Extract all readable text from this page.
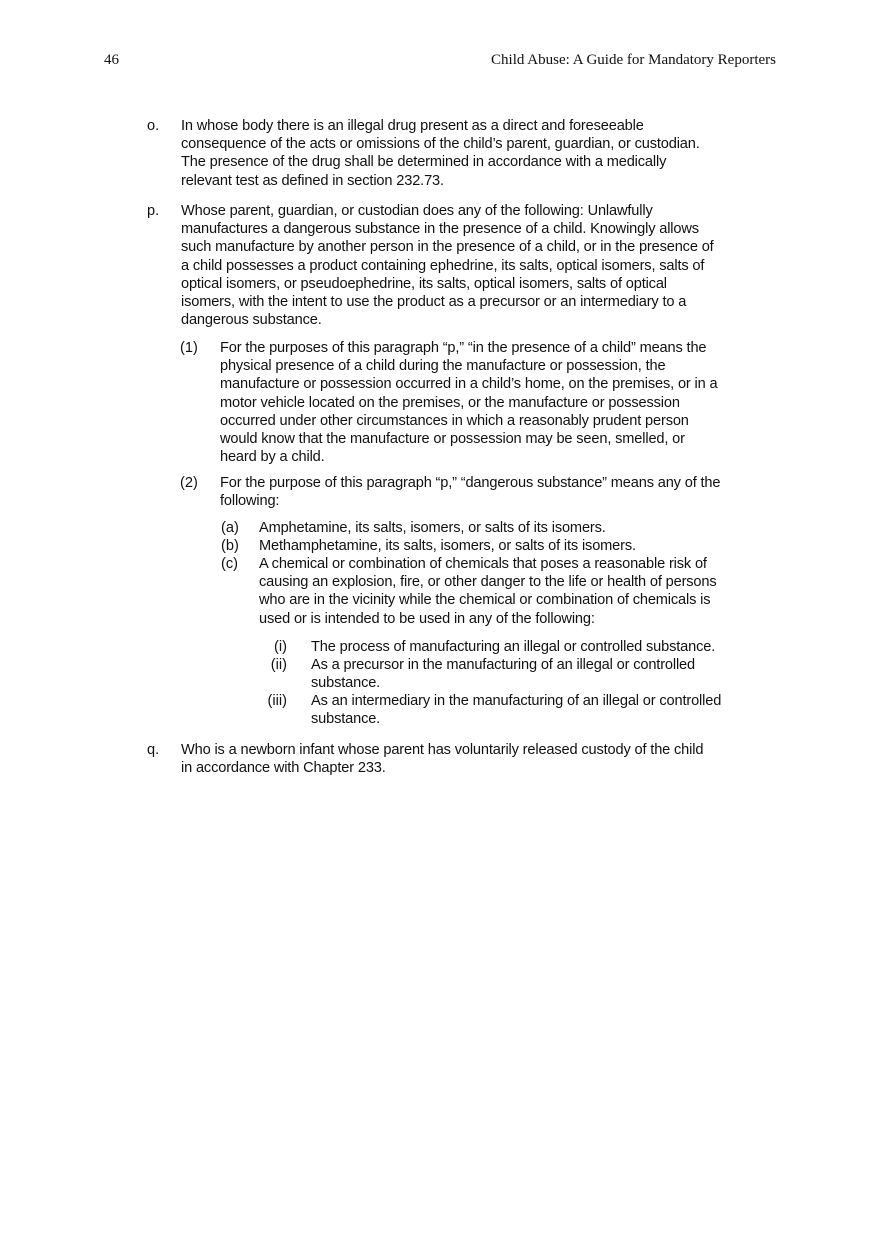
46	Child Abuse: A Guide for Mandatory Reporters
o. In whose body there is an illegal drug present as a direct and foreseeable
consequence of the acts or omissions of the child’s parent, guardian, or custodian.
The presence of the drug shall be determined in accordance with a medically
relevant test as defined in section 232.73.
p. Whose parent, guardian, or custodian does any of the following: Unlawfully
manufactures a dangerous substance in the presence of a child. Knowingly allows
such manufacture by another person in the presence of a child, or in the presence of
a child possesses a product containing ephedrine, its salts, optical isomers, salts of
optical isomers, or pseudoephedrine, its salts, optical isomers, salts of optical
isomers, with the intent to use the product as a precursor or an intermediary to a
dangerous substance.
(1) For the purposes of this paragraph “p,” “in the presence of a child” means the
physical presence of a child during the manufacture or possession, the
manufacture or possession occurred in a child’s home, on the premises, or in a
motor vehicle located on the premises, or the manufacture or possession
occurred under other circumstances in which a reasonably prudent person
would know that the manufacture or possession may be seen, smelled, or
heard by a child.
(2) For the purpose of this paragraph “p,” “dangerous substance” means any of the
following:
(a) Amphetamine, its salts, isomers, or salts of its isomers.
(b) Methamphetamine, its salts, isomers, or salts of its isomers.
(c) A chemical or combination of chemicals that poses a reasonable risk of
causing an explosion, fire, or other danger to the life or health of persons
who are in the vicinity while the chemical or combination of chemicals is
used or is intended to be used in any of the following:
(i) The process of manufacturing an illegal or controlled substance.
(ii) As a precursor in the manufacturing of an illegal or controlled
substance.
(iii) As an intermediary in the manufacturing of an illegal or controlled
substance.
q. Who is a newborn infant whose parent has voluntarily released custody of the child
in accordance with Chapter 233.
